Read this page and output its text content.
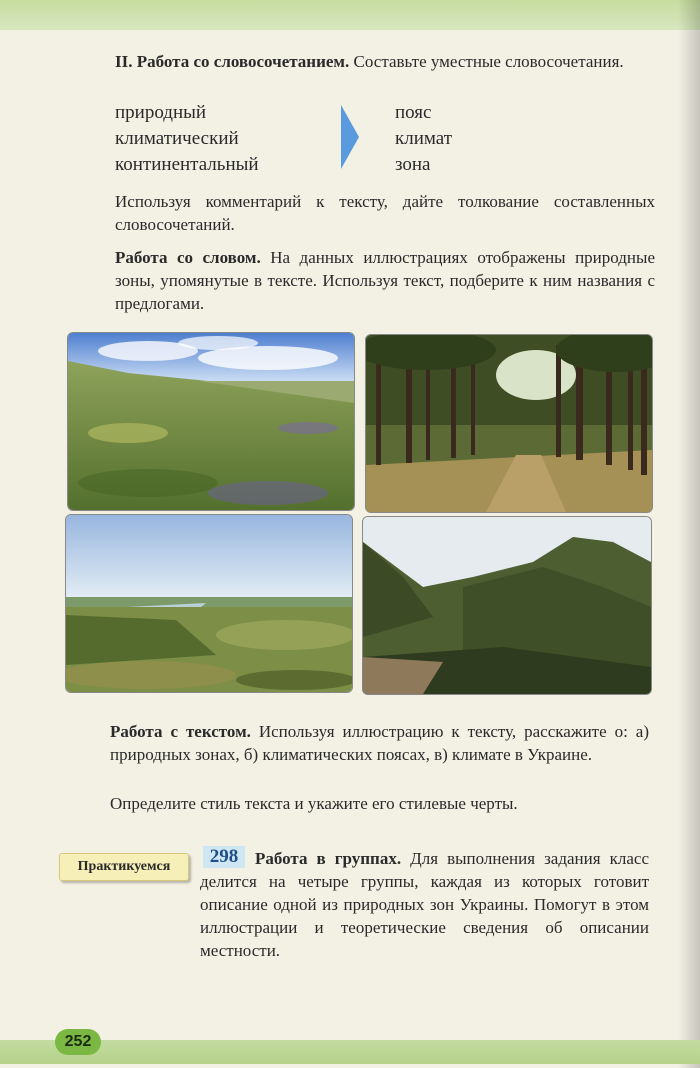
II. Работа со словосочетанием. Составьте уместные словосочетания.

природный
климатический
континентальный
пояс
климат
зона

Используя комментарий к тексту, дайте толкование составленных словосочетаний.

Работа со словом. На данных иллюстрациях отображены природные зоны, упомянутые в тексте. Используя текст, подберите к ним названия с предлогами.

Работа с текстом. Используя иллюстрацию к тексту, расскажите о: а) природных зонах, б) климатических поясах, в) климате в Украине.

Определите стиль текста и укажите его стилевые черты.

Практикуемся	298 Работа в группах. Для выполнения задания класс делится на четыре группы, каждая из которых готовит описание одной из природных зон Украины. Помогут в этом иллюстрации и теоретические сведения об описании местности.

252
